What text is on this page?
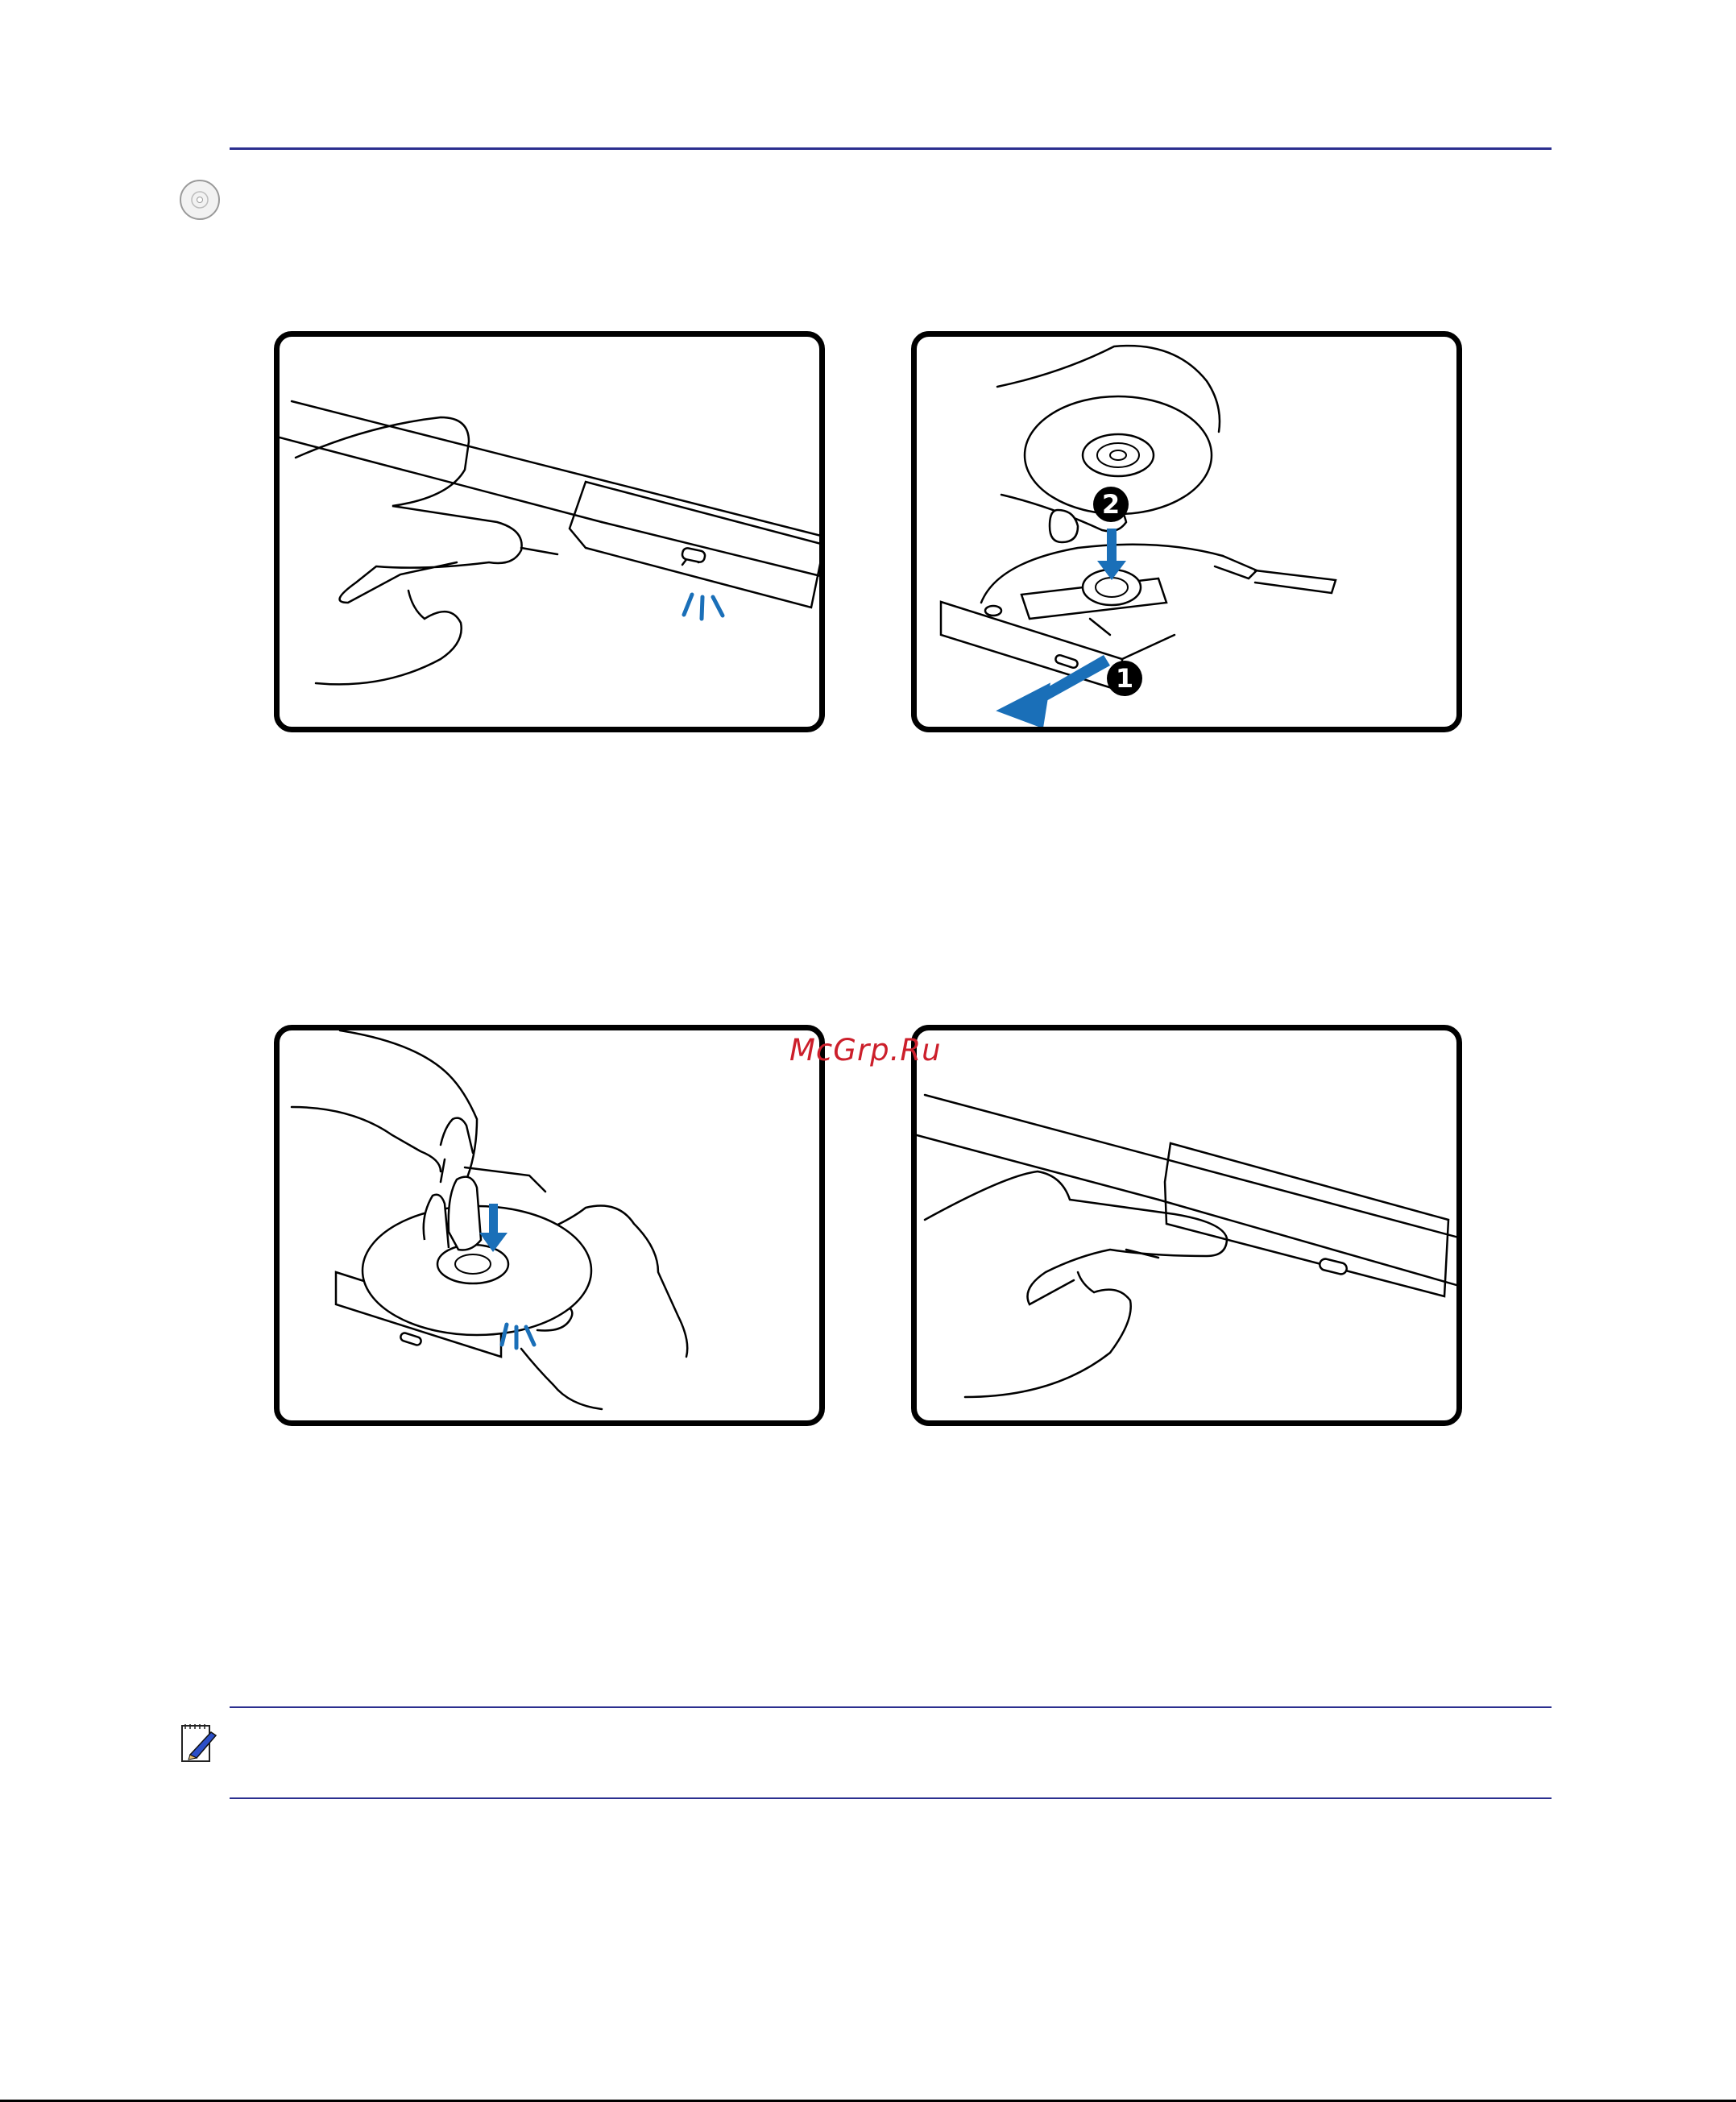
2
1
McGrp.Ru
